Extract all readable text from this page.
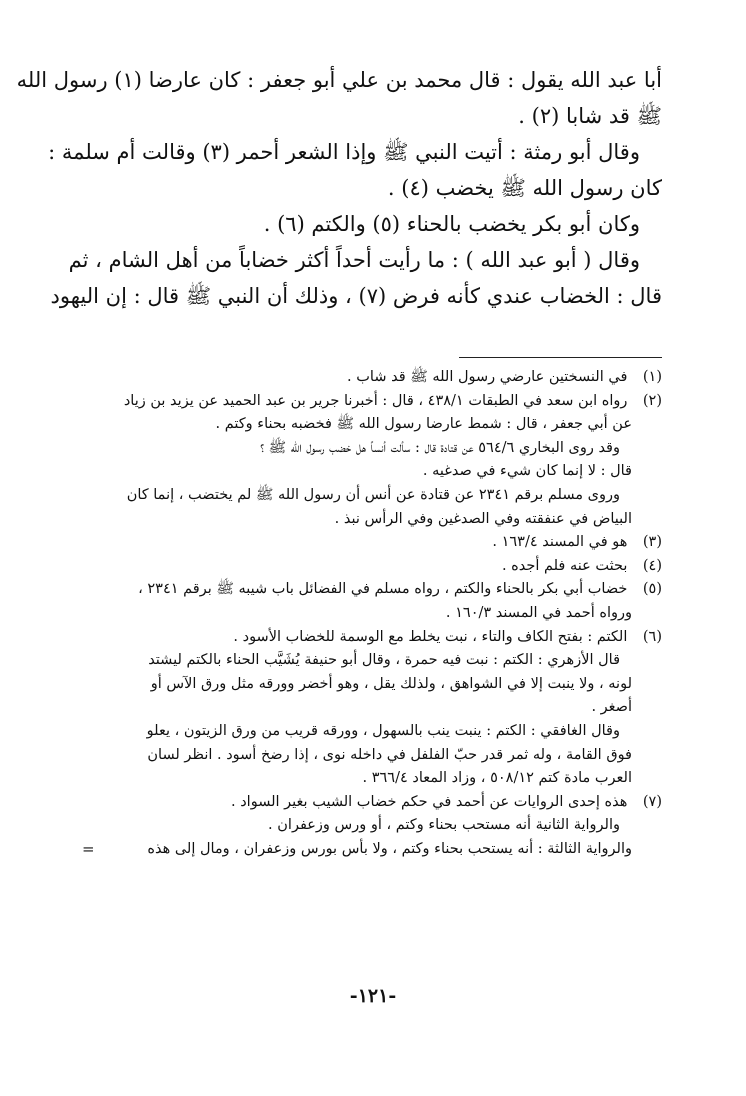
أبا عبد الله يقول : قال محمد بن علي أبو جعفر : كان عارضا (١) رسول الله
ﷺ قد شابا (٢) .
وقال أبو رمثة : أتيت النبي ﷺ وإذا الشعر أحمر (٣) وقالت أم سلمة :
كان رسول الله ﷺ يخضب (٤) .
وكان أبو بكر يخضب بالحناء (٥) والكتم (٦) .
وقال ( أبو عبد الله ) : ما رأيت أحداً أكثر خضاباً من أهل الشام ، ثم
قال : الخضاب عندي كأنه فرض (٧) ، وذلك أن النبي ﷺ قال : إن اليهود
(١) في النسختين عارضي رسول الله ﷺ قد شاب .
(٢) رواه ابن سعد في الطبقات ٤٣٨/١ ، قال : أخبرنا جرير بن عبد الحميد عن يزيد بن زياد
عن أبي جعفر ، قال : شمط عارضا رسول الله ﷺ فخضبه بحناء وكتم .
وقد روى البخاري ٥٦٤/٦ عن قتادة قال : سألت أنساً هل خضب رسول الله ﷺ ؟
قال : لا إنما كان شيء في صدغيه .
وروى مسلم برقم ٢٣٤١ عن قتادة عن أنس أن رسول الله ﷺ لم يختضب ، إنما كان
البياض في عنفقته وفي الصدغين وفي الرأس نبذ .
(٣) هو في المسند ١٦٣/٤ .
(٤) بحثت عنه فلم أجده .
(٥) خضاب أبي بكر بالحناء والكتم ، رواه مسلم في الفضائل باب شيبه ﷺ برقم ٢٣٤١ ،
ورواه أحمد في المسند ١٦٠/٣ .
(٦) الكتم : بفتح الكاف والتاء ، نبت يخلط مع الوسمة للخضاب الأسود .
قال الأزهري : الكتم : نبت فيه حمرة ، وقال أبو حنيفة يُشَيَّب الحناء بالكتم ليشتد
لونه ، ولا ينبت إلا في الشواهق ، ولذلك يقل ، وهو أخضر وورقه مثل ورق الآس أو
أصغر .
وقال الغافقي : الكتم : ينبت ينب بالسهول ، وورقه قريب من ورق الزيتون ، يعلو
فوق القامة ، وله ثمر قدر حبّ الفلفل في داخله نوى ، إذا رضخ أسود . انظر لسان
العرب مادة كتم ٥٠٨/١٢ ، وزاد المعاد ٣٦٦/٤ .
(٧) هذه إحدى الروايات عن أحمد في حكم خضاب الشيب بغير السواد .
والرواية الثانية أنه مستحب بحناء وكتم ، أو ورس وزعفران .
والرواية الثالثة : أنه يستحب بحناء وكتم ، ولا بأس بورس وزعفران ، ومال إلى هذه
=
-١٢١-
